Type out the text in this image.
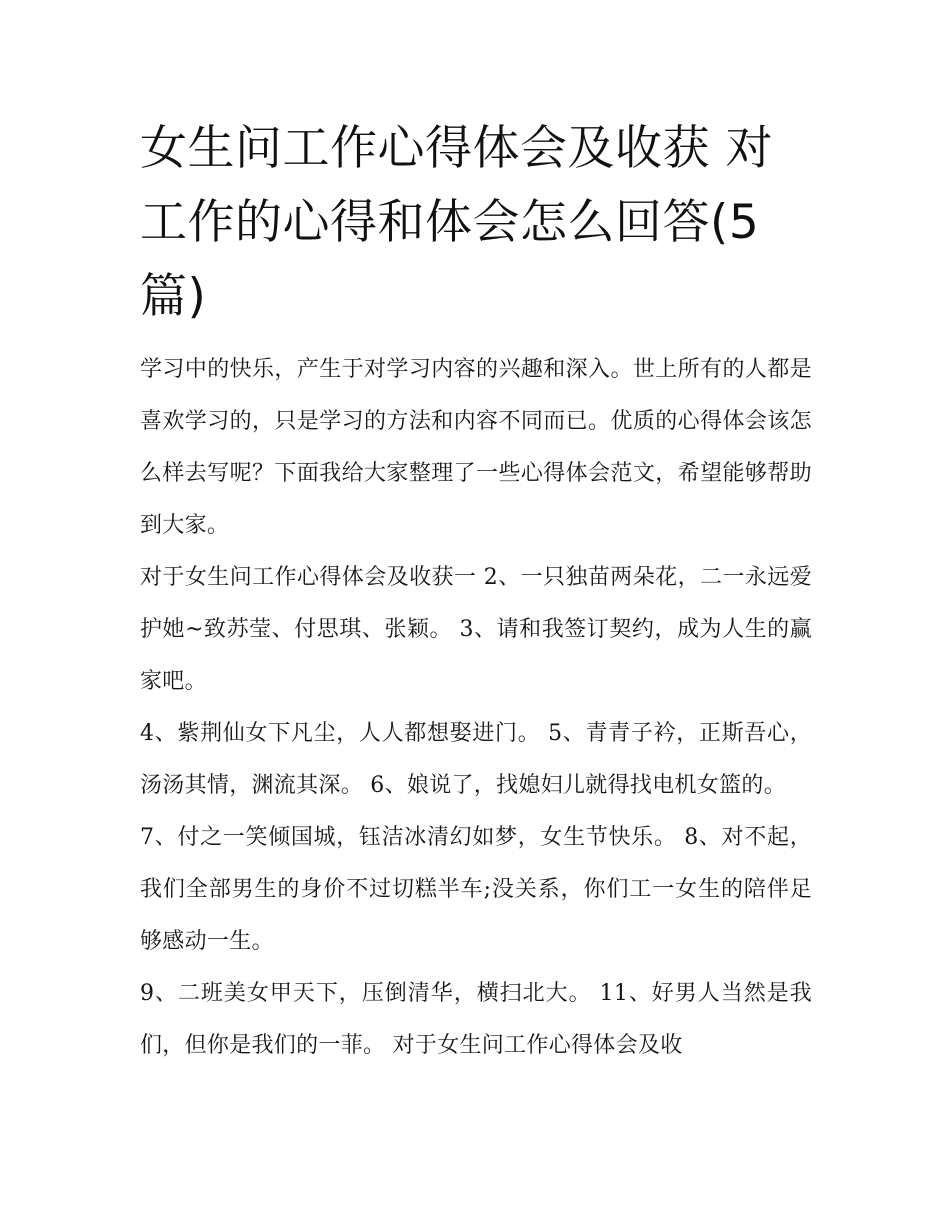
女生问工作心得体会及收获 对工作的心得和体会怎么回答(5篇)

学习中的快乐，产生于对学习内容的兴趣和深入。世上所有的人都是喜欢学习的，只是学习的方法和内容不同而已。优质的心得体会该怎么样去写呢？下面我给大家整理了一些心得体会范文，希望能够帮助到大家。

对于女生问工作心得体会及收获一 2、一只独苗两朵花，二一永远爱护她~致苏莹、付思琪、张颖。 3、请和我签订契约，成为人生的赢家吧。

4、紫荆仙女下凡尘，人人都想娶进门。 5、青青子衿，正斯吾心，汤汤其情，渊流其深。 6、娘说了，找媳妇儿就得找电机女篮的。

7、付之一笑倾国城，钰洁冰清幻如梦，女生节快乐。 8、对不起，我们全部男生的身价不过切糕半车;没关系，你们工一女生的陪伴足够感动一生。

9、二班美女甲天下，压倒清华，横扫北大。 11、好男人当然是我们，但你是我们的一菲。 对于女生问工作心得体会及收
